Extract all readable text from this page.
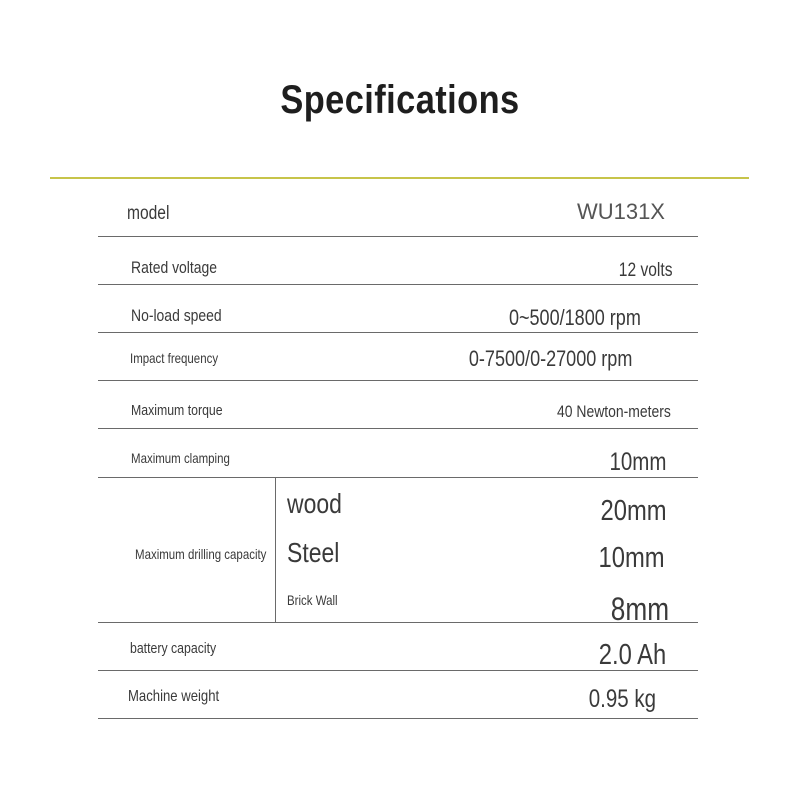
Specifications
model	WU131X
Rated voltage	12 volts
No-load speed	0~500/1800 rpm
Impact frequency	0-7500/0-27000 rpm
Maximum torque	40 Newton-meters
Maximum clamping	10mm
Maximum drilling capacity
wood	20mm
Steel	10mm
Brick Wall	8mm
battery capacity	2.0 Ah
Machine weight	0.95 kg
